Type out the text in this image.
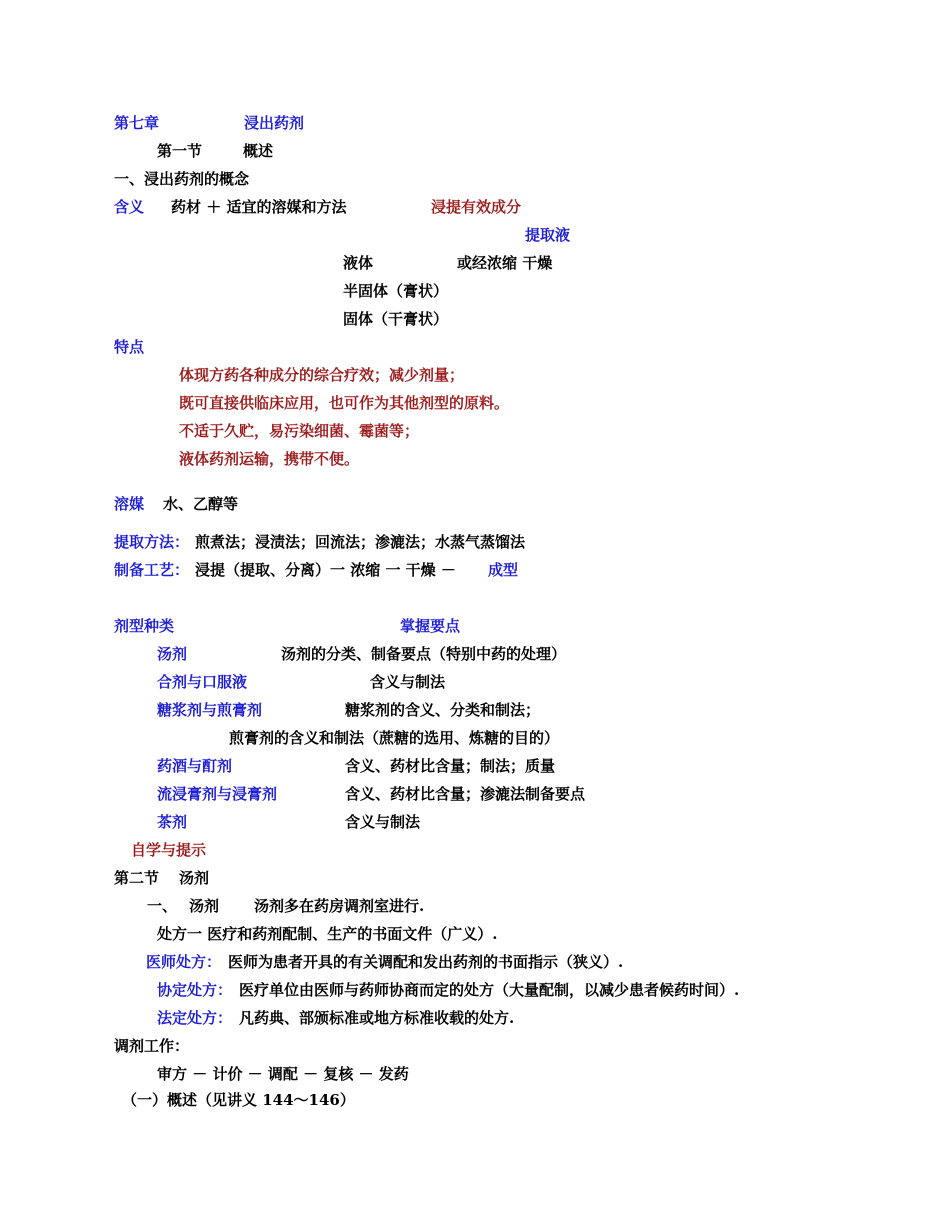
第七章	浸出药剂
第一节	概述
一、浸出药剂的概念
含义 药材 ＋ 适宜的溶媒和方法	浸提有效成分
提取液
液体	或经浓缩 干燥
半固体（膏状）
固体（干膏状）
特点
体现方药各种成分的综合疗效；减少剂量；
既可直接供临床应用，也可作为其他剂型的原料。
不适于久贮，易污染细菌、霉菌等；
液体药剂运输，携带不便。
溶媒 水、乙醇等
提取方法： 煎煮法；浸渍法；回流法；渗漉法；水蒸气蒸馏法
制备工艺： 浸提（提取、分离）一 浓缩 一 干燥 － 成型
剂型种类	掌握要点
汤剂	汤剂的分类、制备要点（特别中药的处理）
合剂与口服液	含义与制法
糖浆剂与煎膏剂	糖浆剂的含义、分类和制法；
煎膏剂的含义和制法（蔗糖的选用、炼糖的目的）
药酒与酊剂	含义、药材比含量；制法；质量
流浸膏剂与浸膏剂	含义、药材比含量；渗漉法制备要点
茶剂	含义与制法
自学与提示
第二节 汤剂
一、 汤剂 汤剂多在药房调剂室进行.
处方一 医疗和药剂配制、生产的书面文件（广义）.
医师处方： 医师为患者开具的有关调配和发出药剂的书面指示（狭义）.
协定处方： 医疗单位由医师与药师协商而定的处方（大量配制，以减少患者候药时间）.
法定处方： 凡药典、部颁标准或地方标准收载的处方.
调剂工作：
审方 － 计价 － 调配 － 复核 － 发药
（一）概述（见讲义 144～146）
